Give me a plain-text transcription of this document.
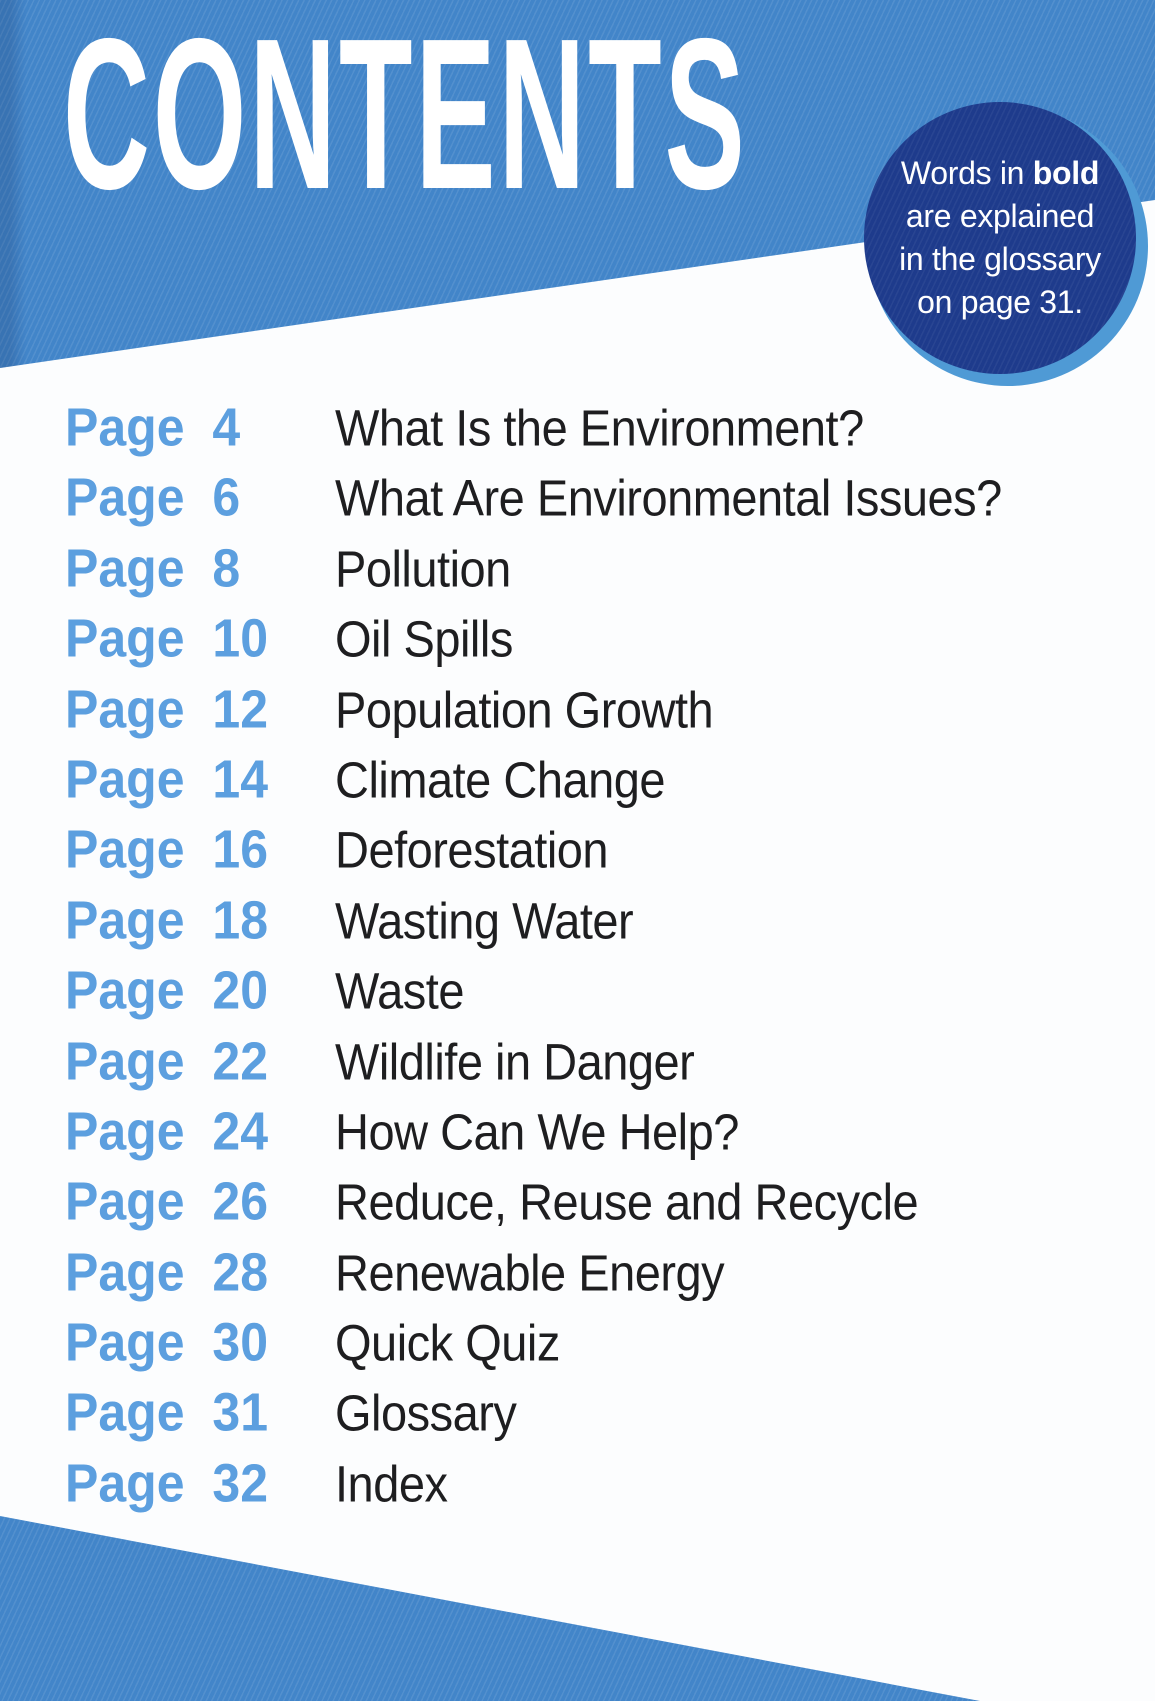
CONTENTS	Words in bold

are explained

in the glossary

on page 31.

Page 4	What Is the Environment?
Page 6	What Are Environmental Issues?
Page 8	Pollution
Page 10	Oil Spills
Page 12	Population Growth
Page 14	Climate Change
Page 16	Deforestation
Page 18	Wasting Water
Page 20	Waste
Page 22	Wildlife in Danger
Page 24	How Can We Help?
Page 26	Reduce, Reuse and Recycle
Page 28	Renewable Energy
Page 30	Quick Quiz
Page 31	Glossary
Page 32	Index
